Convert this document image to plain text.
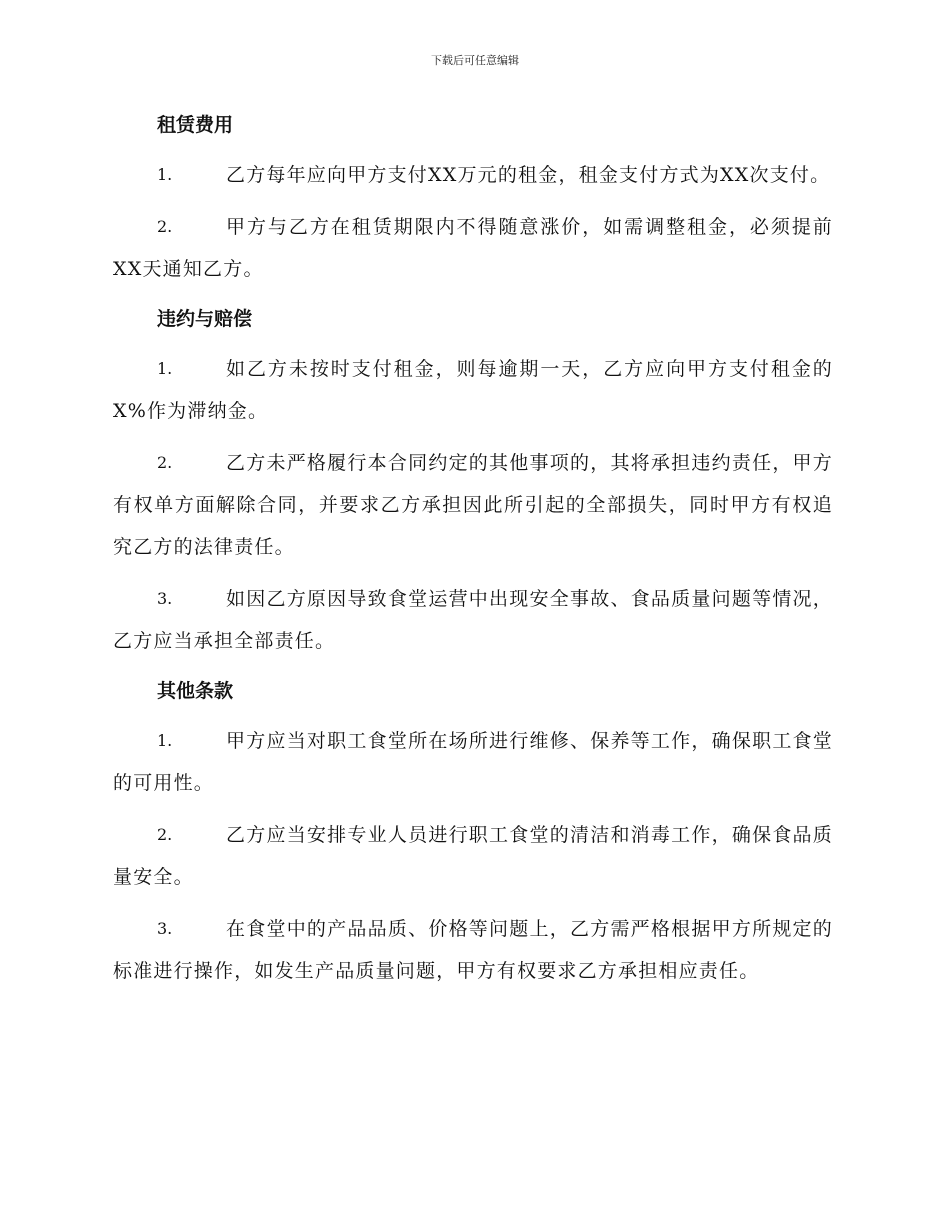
下载后可任意编辑
租赁费用

1.	乙方每年应向甲方支付XX万元的租金，租金支付方式为XX次支付。

2.	甲方与乙方在租赁期限内不得随意涨价，如需调整租金，必须提前XX天通知乙方。

违约与赔偿

1.	如乙方未按时支付租金，则每逾期一天，乙方应向甲方支付租金的X%作为滞纳金。

2.	乙方未严格履行本合同约定的其他事项的，其将承担违约责任，甲方有权单方面解除合同，并要求乙方承担因此所引起的全部损失，同时甲方有权追究乙方的法律责任。

3.	如因乙方原因导致食堂运营中出现安全事故、食品质量问题等情况，乙方应当承担全部责任。

其他条款

1.	甲方应当对职工食堂所在场所进行维修、保养等工作，确保职工食堂的可用性。

2.	乙方应当安排专业人员进行职工食堂的清洁和消毒工作，确保食品质量安全。

3.	在食堂中的产品品质、价格等问题上，乙方需严格根据甲方所规定的标准进行操作，如发生产品质量问题，甲方有权要求乙方承担相应责任。
